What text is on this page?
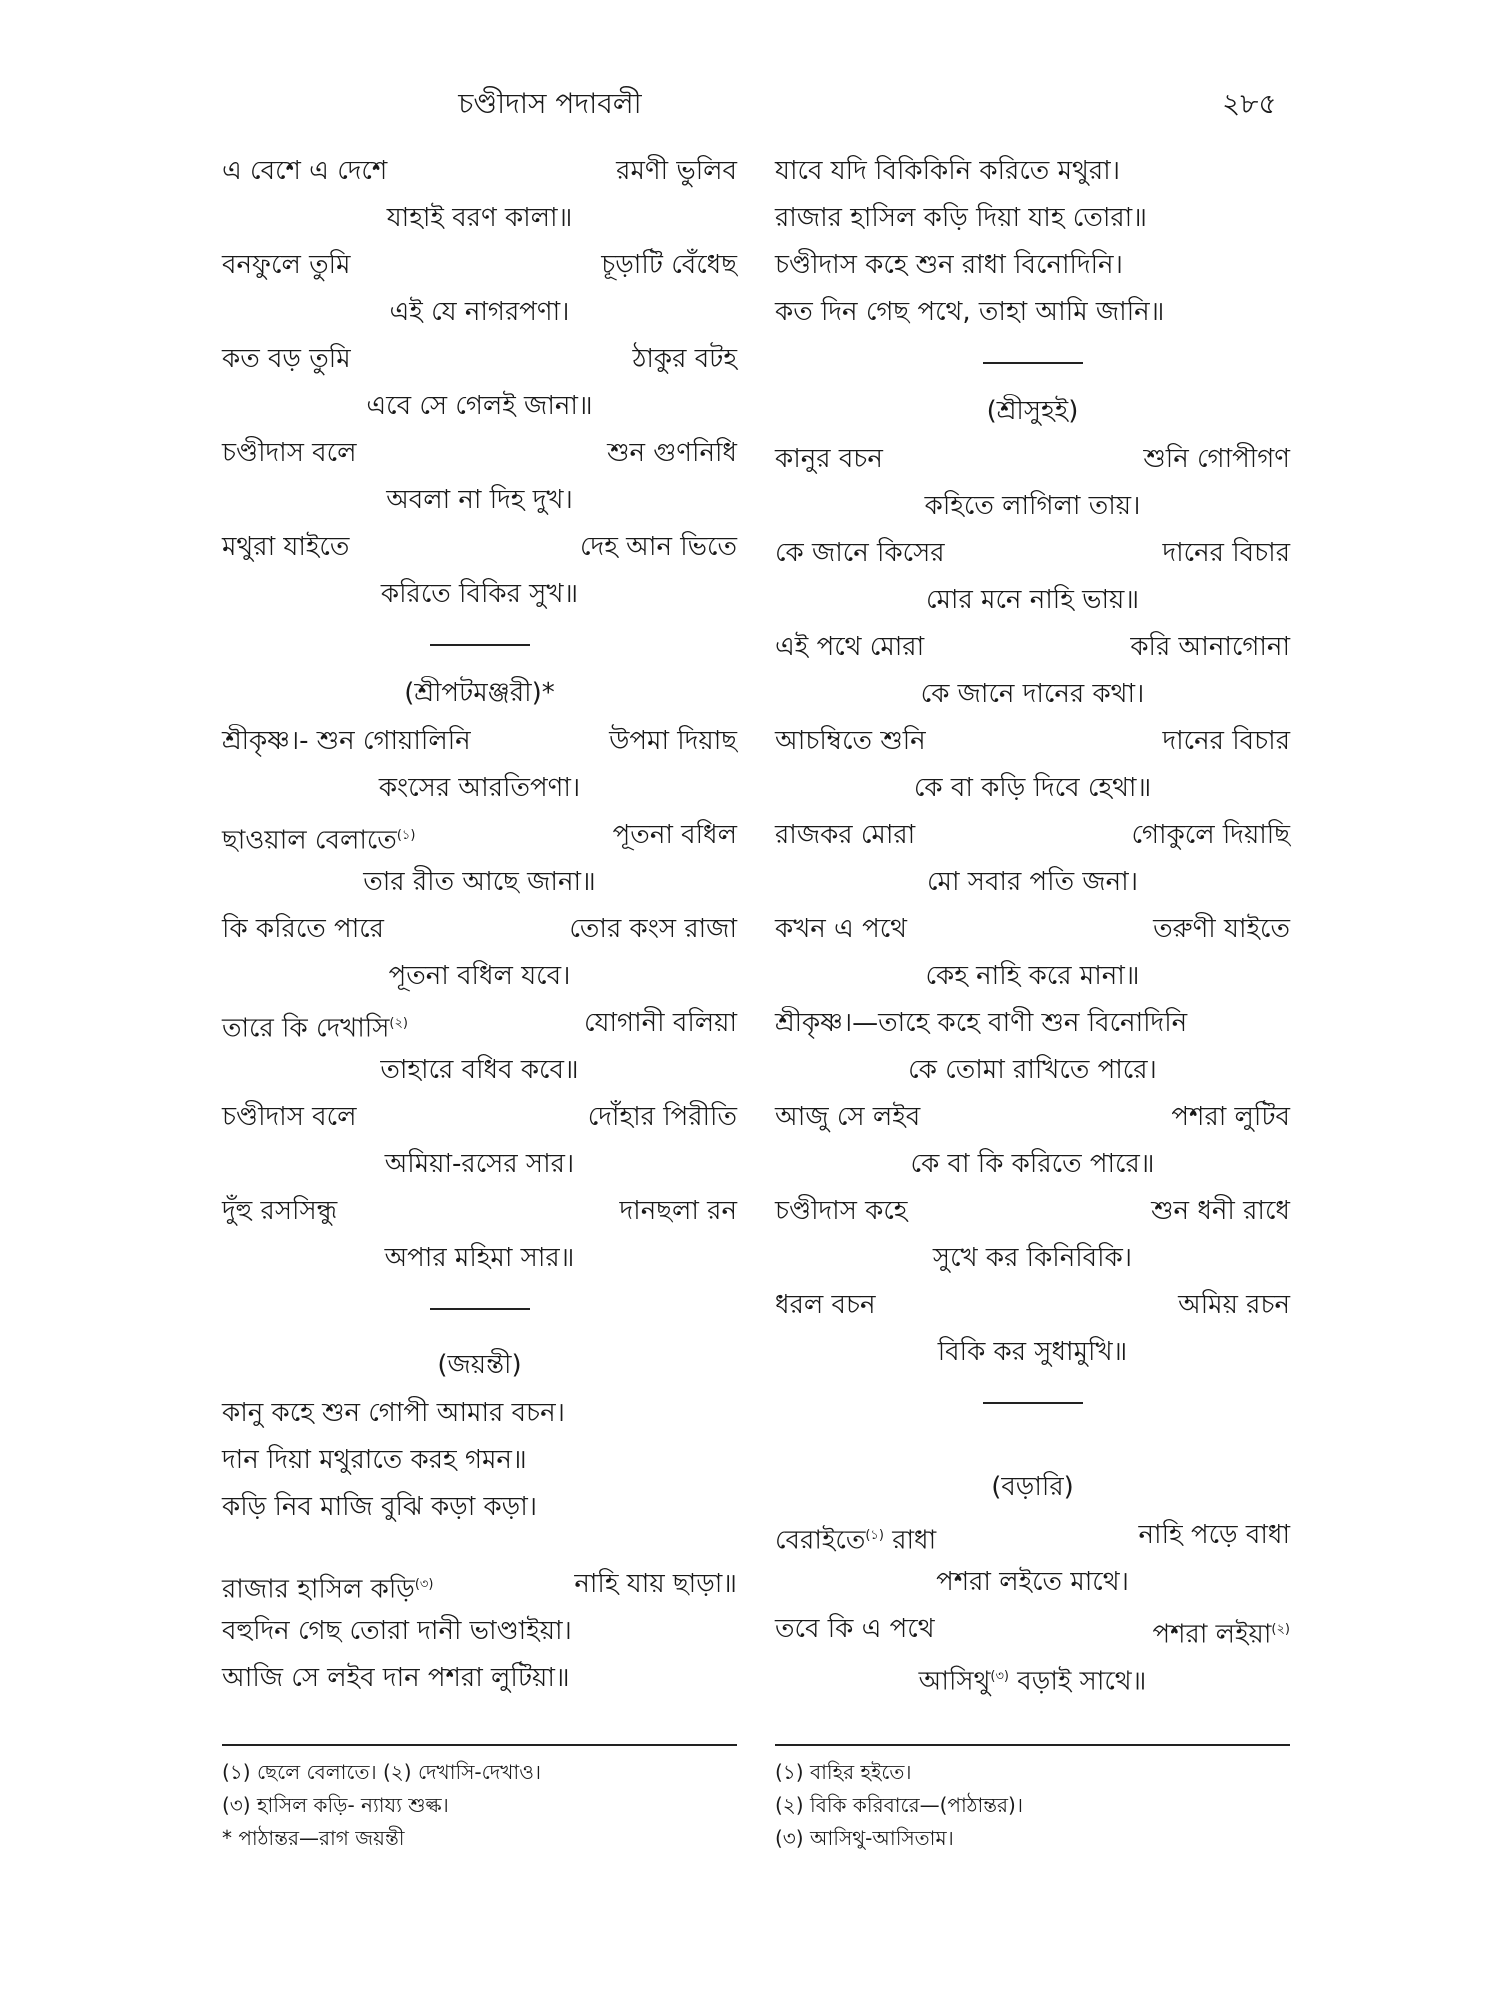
চণ্ডীদাস পদাবলী	২৮৫
এ বেশে এ দেশে	রমণী ভুলিব
যাহাই বরণ কালা॥
বনফুলে তুমি	চূড়াটি বেঁধেছ
এই যে নাগরপণা।
কত বড় তুমি	ঠাকুর বটহ
এবে সে গেলই জানা॥
চণ্ডীদাস বলে	শুন গুণনিধি
অবলা না দিহ দুখ।
মথুরা যাইতে	দেহ আন ভিতে
করিতে বিকির সুখ॥
(শ্রীপটমঞ্জরী)*
শ্রীকৃষ্ণ।- শুন গোয়ালিনি	উপমা দিয়াছ
কংসের আরতিপণা।
ছাওয়াল বেলাতে$^{(১)}$	পূতনা বধিল
তার রীত আছে জানা॥
কি করিতে পারে	তোর কংস রাজা
পূতনা বধিল যবে।
তারে কি দেখাসি$^{(২)}$	যোগানী বলিয়া
তাহারে বধিব কবে॥
চণ্ডীদাস বলে	দোঁহার পিরীতি
অমিয়া-রসের সার।
দুঁহু রসসিন্ধু	দানছলা রন
অপার মহিমা সার॥
(জয়ন্তী)
কানু কহে শুন গোপী আমার বচন।
দান দিয়া মথুরাতে করহ গমন॥
কড়ি নিব মাজি বুঝি কড়া কড়া।
রাজার হাসিল কড়ি$^{(৩)}$	নাহি যায় ছাড়া॥
বহুদিন গেছ তোরা দানী ভাণ্ডাইয়া।
আজি সে লইব দান পশরা লুটিয়া॥
যাবে যদি বিকিকিনি করিতে মথুরা।
রাজার হাসিল কড়ি দিয়া যাহ তোরা॥
চণ্ডীদাস কহে শুন রাধা বিনোদিনি।
কত দিন গেছ পথে, তাহা আমি জানি॥
(শ্রীসুহই)
কানুর বচন	শুনি গোপীগণ
কহিতে লাগিলা তায়।
কে জানে কিসের	দানের বিচার
মোর মনে নাহি ভায়॥
এই পথে মোরা	করি আনাগোনা
কে জানে দানের কথা।
আচম্বিতে শুনি	দানের বিচার
কে বা কড়ি দিবে হেথা॥
রাজকর মোরা	গোকুলে দিয়াছি
মো সবার পতি জনা।
কখন এ পথে	তরুণী যাইতে
কেহ নাহি করে মানা॥
শ্রীকৃষ্ণ।—তাহে কহে বাণী শুন বিনোদিনি
কে তোমা রাখিতে পারে।
আজু সে লইব	পশরা লুটিব
কে বা কি করিতে পারে॥
চণ্ডীদাস কহে	শুন ধনী রাধে
সুখে কর কিনিবিকি।
ধরল বচন	অমিয় রচন
বিকি কর সুধামুখি॥
(বড়ারি)
বেরাইতে$^{(১)}$ রাধা	নাহি পড়ে বাধা
পশরা লইতে মাথে।
তবে কি এ পথে	পশরা লইয়া$^{(২)}$
আসিথু$^{(৩)}$ বড়াই সাথে॥
(১) ছেলে বেলাতে। (২) দেখাসি-দেখাও।
(৩) হাসিল কড়ি- ন্যায্য শুল্ক।
* পাঠান্তর—রাগ জয়ন্তী
(১) বাহির হইতে।
(২) বিকি করিবারে—(পাঠান্তর)।
(৩) আসিথু-আসিতাম।
